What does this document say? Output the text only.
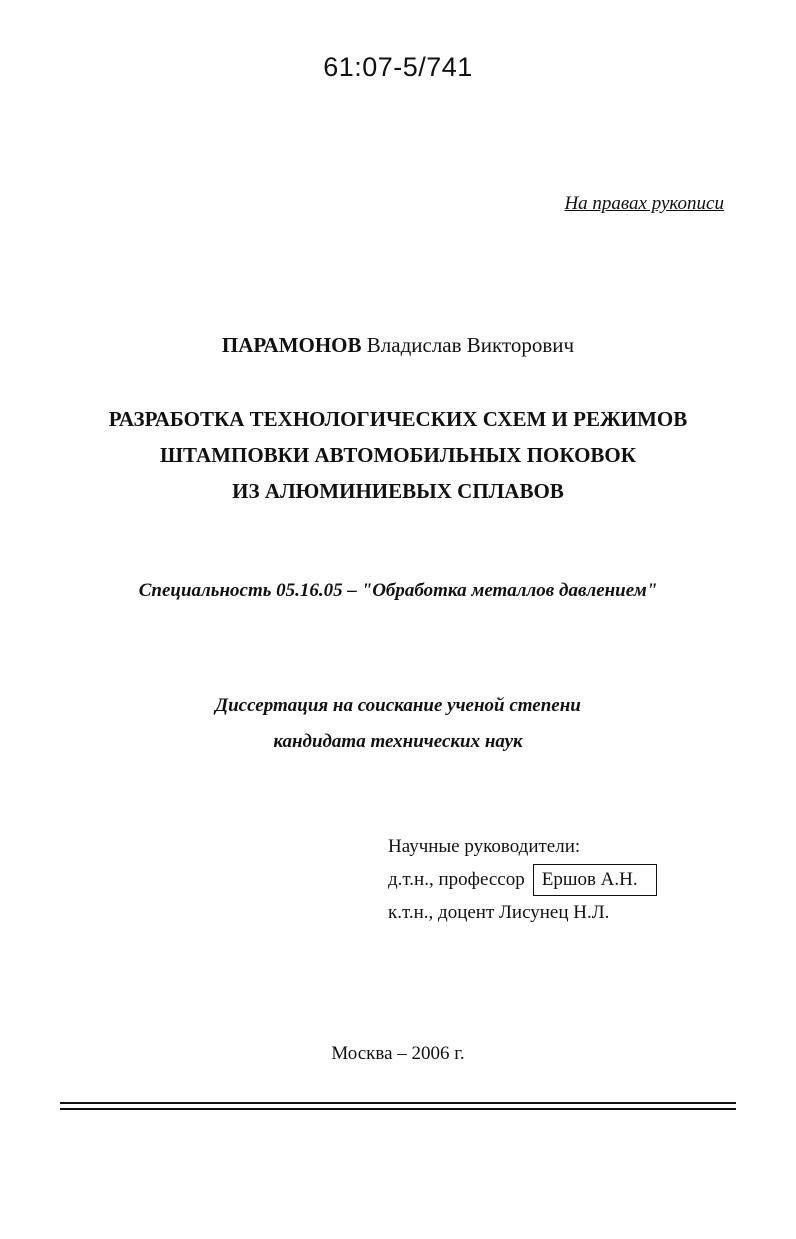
61:07-5/741
На правах рукописи
ПАРАМОНОВ Владислав Викторович
РАЗРАБОТКА ТЕХНОЛОГИЧЕСКИХ СХЕМ И РЕЖИМОВ
ШТАМПОВКИ АВТОМОБИЛЬНЫХ ПОКОВОК
ИЗ АЛЮМИНИЕВЫХ СПЛАВОВ
Специальность 05.16.05 – "Обработка металлов давлением"
Диссертация на соискание ученой степени
кандидата технических наук
Научные руководители:
д.т.н., профессор Ершов А.Н.
к.т.н., доцент Лисунец Н.Л.
Москва – 2006 г.
